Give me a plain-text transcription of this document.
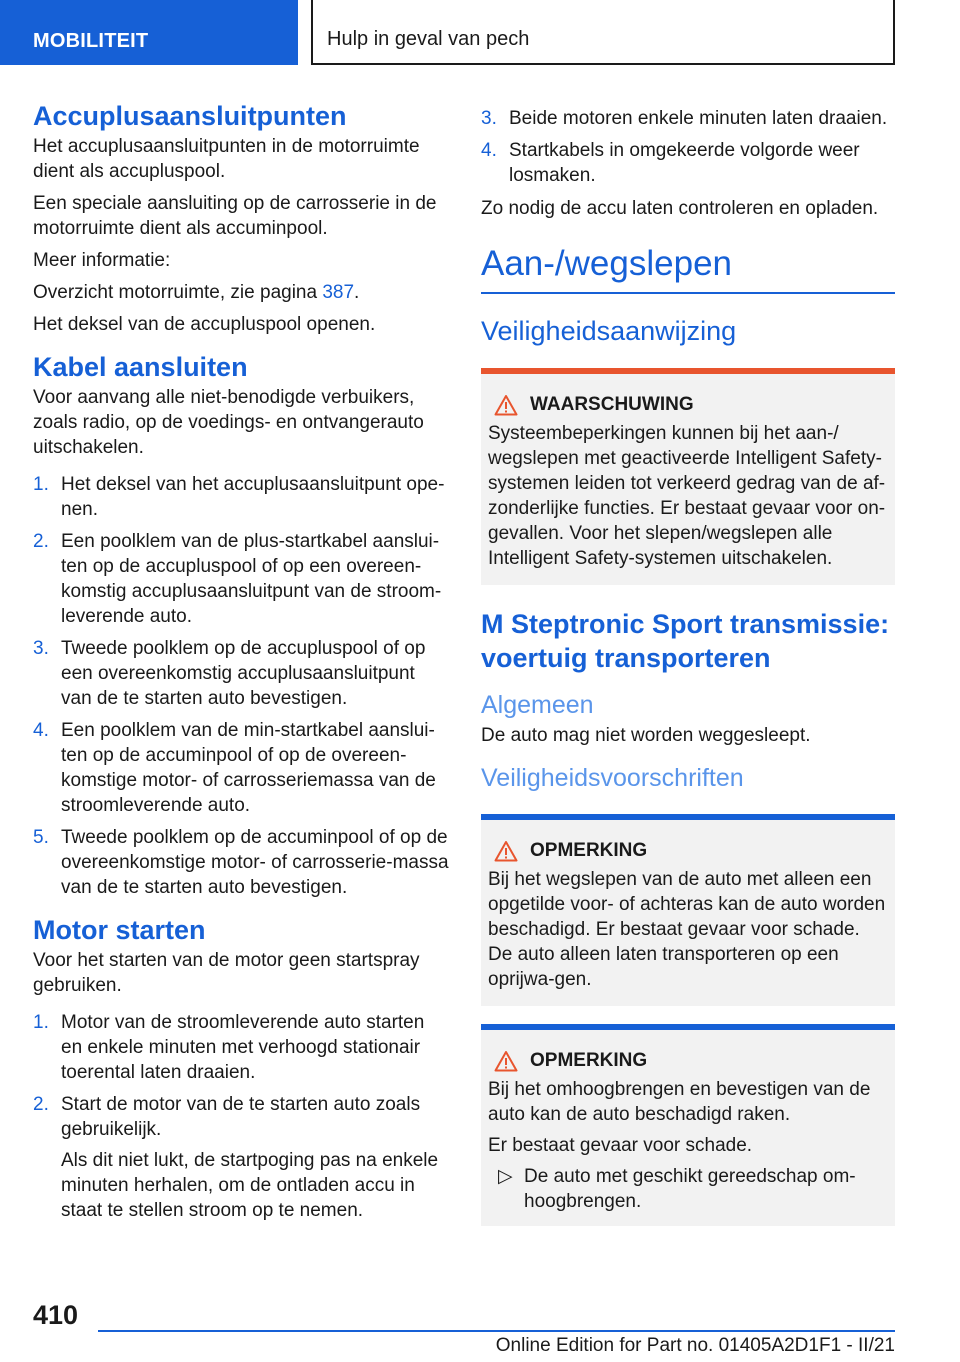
MOBILITEIT	Hulp in geval van pech
Accuplusaansluitpunten

Het accuplusaansluitpunten in de motorruimte dient als accupluspool.

Een speciale aansluiting op de carrosserie in de motorruimte dient als accuminpool.

Meer informatie:

Overzicht motorruimte, zie pagina 387.

Het deksel van de accupluspool openen.

Kabel aansluiten

Voor aanvang alle niet-benodigde verbuikers, zoals radio, op de voedings- en ontvangerauto uitschakelen.

1. Het deksel van het accuplusaansluitpunt ope-nen.
2. Een poolklem van de plus-startkabel aanslui-ten op de accupluspool of op een overeen-komstig accuplusaansluitpunt van de stroom-leverende auto.
3. Tweede poolklem op de accupluspool of op een overeenkomstig accuplusaansluitpunt van de te starten auto bevestigen.
4. Een poolklem van de min-startkabel aanslui-ten op de accuminpool of op de overeen-komstige motor- of carrosseriemassa van de stroomleverende auto.
5. Tweede poolklem op de accuminpool of op de overeenkomstige motor- of carrosserie-massa van de te starten auto bevestigen.
Motor starten

Voor het starten van de motor geen startspray gebruiken.

1. Motor van de stroomleverende auto starten en enkele minuten met verhoogd stationair toerental laten draaien.
2. Start de motor van de te starten auto zoals gebruikelijk.
Als dit niet lukt, de startpoging pas na enkele minuten herhalen, om de ontladen accu in staat te stellen stroom op te nemen.
3. Beide motoren enkele minuten laten draaien.
4. Startkabels in omgekeerde volgorde weer losmaken.

Zo nodig de accu laten controleren en opladen.

Aan-/wegslepen
Veiligheidsaanwijzing
WAARSCHUWING

Systeembeperkingen kunnen bij het aan-/ wegslepen met geactiveerde Intelligent Safety-systemen leiden tot verkeerd gedrag van de af-zonderlijke functies. Er bestaat gevaar voor on-gevallen. Voor het slepen/wegslepen alle Intelligent Safety-systemen uitschakelen.

M Steptronic Sport transmissie: voertuig transporteren
Algemeen

De auto mag niet worden weggesleept.

Veiligheidsvoorschriften
OPMERKING

Bij het wegslepen van de auto met alleen een opgetilde voor- of achteras kan de auto worden beschadigd. Er bestaat gevaar voor schade. De auto alleen laten transporteren op een oprijwa-gen.

OPMERKING

Bij het omhoogbrengen en bevestigen van de auto kan de auto beschadigd raken.

Er bestaat gevaar voor schade.

▷ De auto met geschikt gereedschap om-hoogbrengen.
410
Online Edition for Part no. 01405A2D1F1 - II/21
